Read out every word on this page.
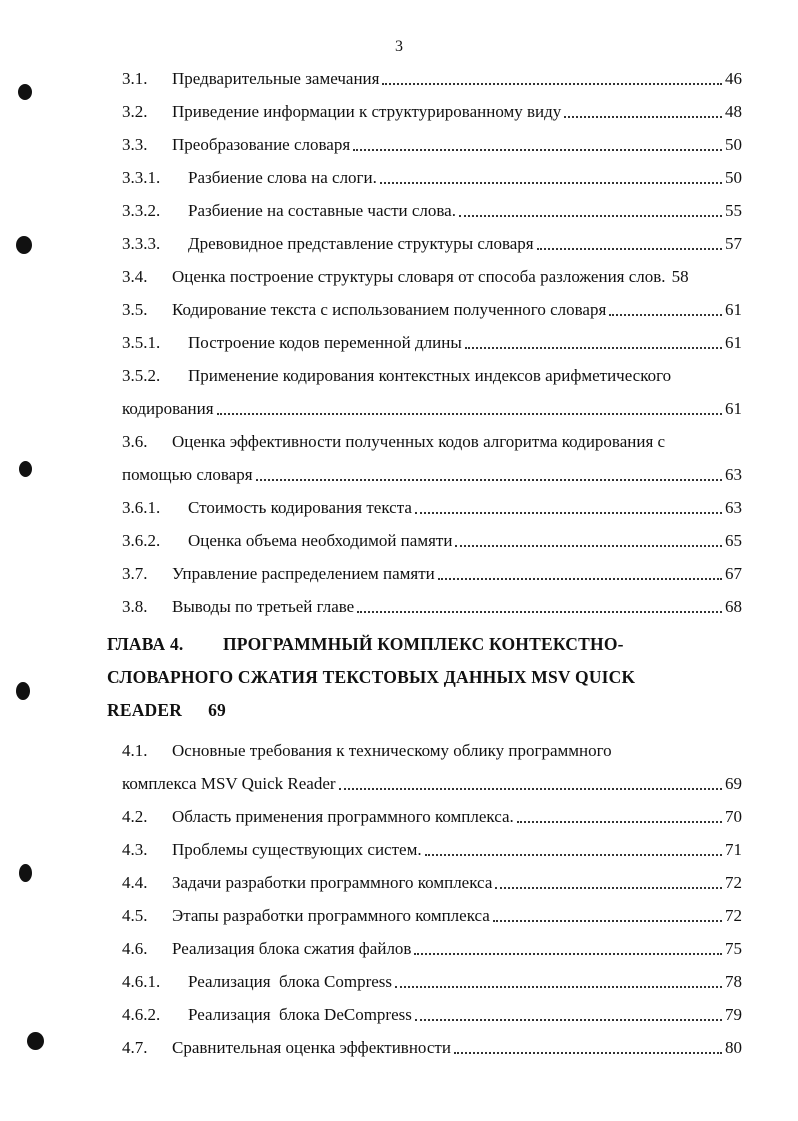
3
3.1.	Предварительные замечания	46
3.2.	Приведение информации к структурированному виду	48
3.3.	Преобразование словаря	50
3.3.1.	Разбиение слова на слоги.	50
3.3.2.	Разбиение на составные части слова.	55
3.3.3.	Древовидное представление структуры словаря	57
3.4.	Оценка построение структуры словаря от способа разложения слов. 58
3.5.	Кодирование текста с использованием полученного словаря	61
3.5.1.	Построение кодов переменной длины	61
3.5.2.	Применение кодирования контекстных индексов арифметического
кодирования	61
3.6.	Оценка эффективности полученных кодов алгоритма кодирования с
помощью словаря	63
3.6.1.	Стоимость кодирования текста	63
3.6.2.	Оценка объема необходимой памяти	65
3.7.	Управление распределением памяти	67
3.8.	Выводы по третьей главе	68
ГЛАВА 4. ПРОГРАММНЫЙ КОМПЛЕКС КОНТЕКСТНО-
СЛОВАРНОГО СЖАТИЯ ТЕКСТОВЫХ ДАННЫХ MSV QUICK
READER 69
4.1.	Основные требования к техническому облику программного
комплекса MSV Quick Reader	69
4.2.	Область применения программного комплекса.	70
4.3.	Проблемы существующих систем.	71
4.4.	Задачи разработки программного комплекса	72
4.5.	Этапы разработки программного комплекса	72
4.6.	Реализация блока сжатия файлов	75
4.6.1.	Реализация  блока Compress	78
4.6.2.	Реализация  блока DeCompress	79
4.7.	Сравнительная оценка эффективности	80
